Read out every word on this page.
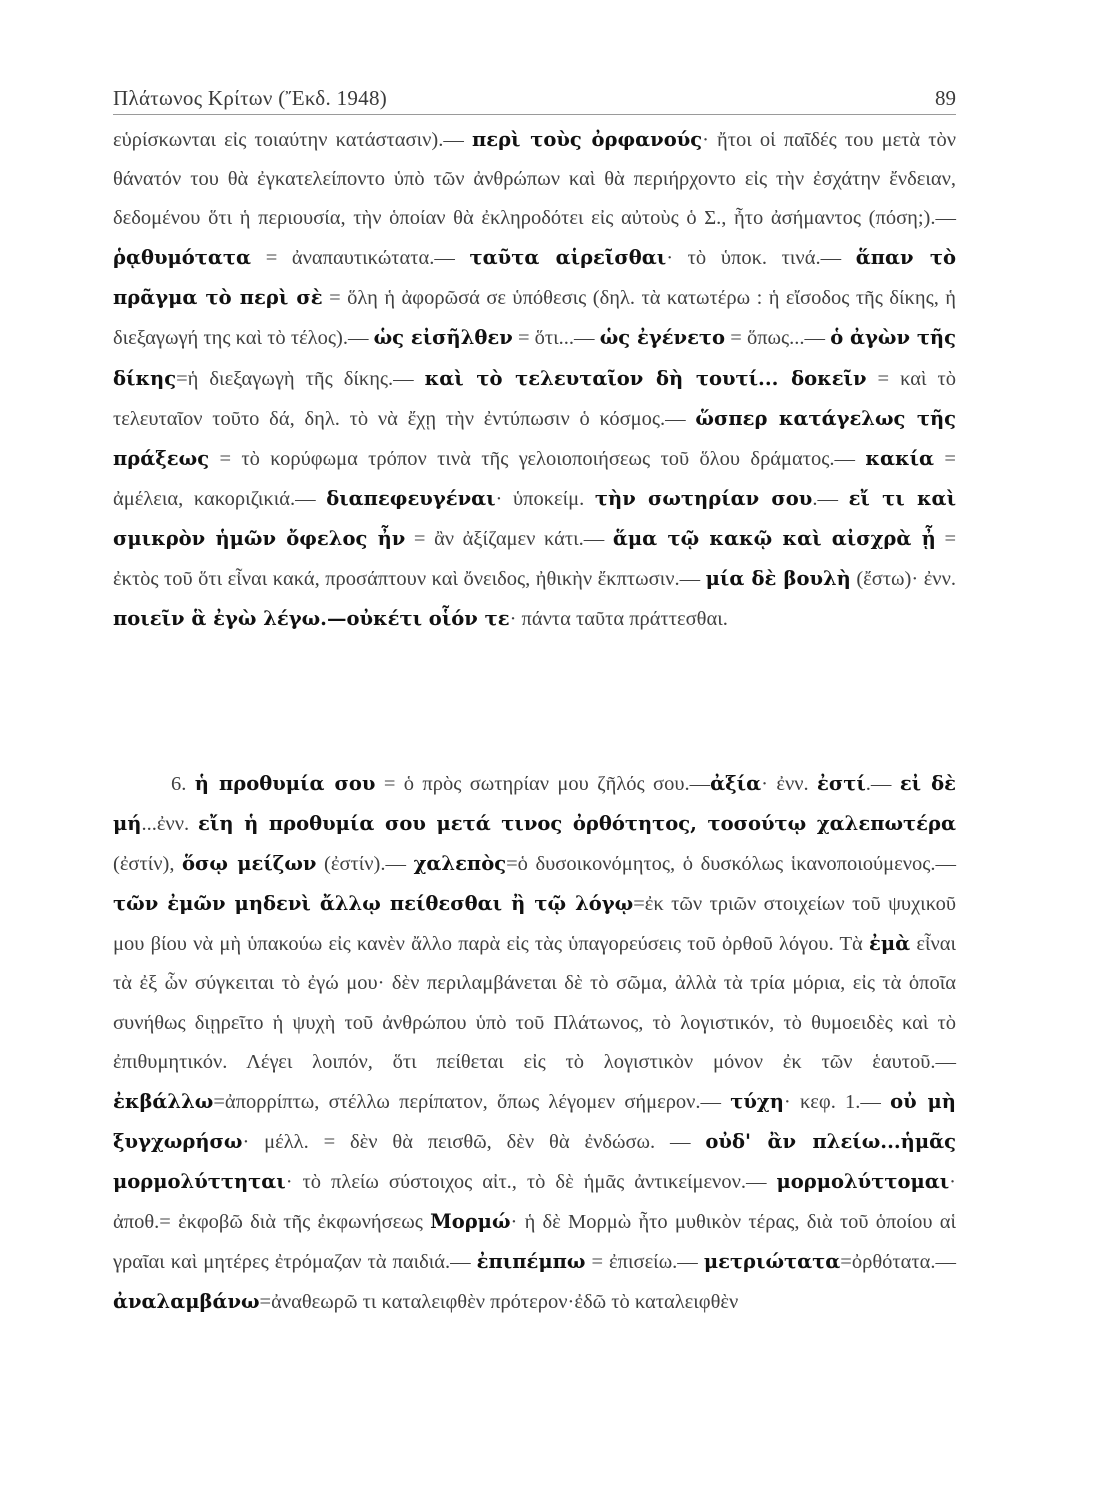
Πλάτωνος Κρίτων (Ἔκδ. 1948)	89
εὑρίσκωνται εἰς τοιαύτην κατάστασιν).— περὶ τοὺς ὀρφανούς· ἤτοι οἱ παῖδές του μετὰ τὸν θάνατόν του θὰ ἐγκατελείποντο ὑπὸ τῶν ἀνθρώπων καὶ θὰ περιήρχοντο εἰς τὴν ἐσχάτην ἔνδειαν, δεδομένου ὅτι ἡ περιουσία, τὴν ὁποίαν θὰ ἐκληροδότει εἰς αὐτοὺς ὁ Σ., ἦτο ἀσήμαντος (πόση;).— ῥᾳθυμότατα = ἀναπαυτικώτατα.— ταῦτα αἱρεῖσθαι· τὸ ὑποκ. τινά.— ἅπαν τὸ πρᾶγμα τὸ περὶ σὲ = ὅλη ἡ ἀφορῶσά σε ὑπόθεσις (δηλ. τὰ κατωτέρω : ἡ εἴσοδος τῆς δίκης, ἡ διεξαγωγή της καὶ τὸ τέλος).— ὡς εἰσῆλθεν = ὅτι...— ὡς ἐγένετο = ὅπως...— ὁ ἀγὼν τῆς δίκης=ἡ διεξαγωγὴ τῆς δίκης.— καὶ τὸ τελευταῖον δὴ τουτί... δοκεῖν = καὶ τὸ τελευταῖον τοῦτο δά, δηλ. τὸ νὰ ἔχῃ τὴν ἐντύπωσιν ὁ κόσμος.— ὥσπερ κατάγελως τῆς πράξεως = τὸ κορύφωμα τρόπον τινὰ τῆς γελοιοποιήσεως τοῦ ὅλου δράματος.— κακία = ἀμέλεια, κακοριζικιά.— διαπεφευγέναι· ὑποκείμ. τὴν σωτηρίαν σου.— εἴ τι καὶ σμικρὸν ἡμῶν ὄφελος ἦν = ἂν ἀξίζαμεν κάτι.— ἅμα τῷ κακῷ καὶ αἰσχρὰ ᾖ = ἐκτὸς τοῦ ὅτι εἶναι κακά, προσάπτουν καὶ ὄνειδος, ἠθικὴν ἔκπτωσιν.— μία δὲ βουλὴ (ἔστω)· ἐνν. ποιεῖν ἃ ἐγὼ λέγω.—οὐκέτι οἷόν τε· πάντα ταῦτα πράττεσθαι.
6. ἡ προθυμία σου = ὁ πρὸς σωτηρίαν μου ζῆλός σου.—ἀξία· ἐνν. ἐστί.— εἰ δὲ μή...ἐνν. εἴη ἡ προθυμία σου μετά τινος ὀρθότητος, τοσούτῳ χαλεπωτέρα (ἐστίν), ὅσῳ μείζων (ἐστίν).— χαλεπὸς=ὁ δυσοικονόμητος, ὁ δυσκόλως ἱκανοποιούμενος.— τῶν ἐμῶν μηδενὶ ἄλλῳ πείθεσθαι ἢ τῷ λόγῳ=ἐκ τῶν τριῶν στοιχείων τοῦ ψυχικοῦ μου βίου νὰ μὴ ὑπακούω εἰς κανὲν ἄλλο παρὰ εἰς τὰς ὑπαγορεύσεις τοῦ ὀρθοῦ λόγου. Τὰ ἐμὰ εἶναι τὰ ἐξ ὧν σύγκειται τὸ ἐγώ μου· δὲν περιλαμβάνεται δὲ τὸ σῶμα, ἀλλὰ τὰ τρία μόρια, εἰς τὰ ὁποῖα συνήθως διῃρεῖτο ἡ ψυχὴ τοῦ ἀνθρώπου ὑπὸ τοῦ Πλάτωνος, τὸ λογιστικόν, τὸ θυμοειδὲς καὶ τὸ ἐπιθυμητικόν. Λέγει λοιπόν, ὅτι πείθεται εἰς τὸ λογιστικὸν μόνον ἐκ τῶν ἑαυτοῦ.— ἐκβάλλω=ἀπορρίπτω, στέλλω περίπατον, ὅπως λέγομεν σήμερον.— τύχη· κεφ. 1.— οὐ μὴ ξυγχωρήσω· μέλλ. = δὲν θὰ πεισθῶ, δὲν θὰ ἐνδώσω. — οὐδ' ἂν πλείω...ἡμᾶς μορμολύττηται· τὸ πλείω σύστοιχος αἰτ., τὸ δὲ ἡμᾶς ἀντικείμενον.— μορμολύττομαι· ἀποθ.= ἐκφοβῶ διὰ τῆς ἐκφωνήσεως Μορμώ· ἡ δὲ Μορμὼ ἦτο μυθικὸν τέρας, διὰ τοῦ ὁποίου αἱ γραῖαι καὶ μητέρες ἐτρόμαζαν τὰ παιδιά.— ἐπιπέμπω = ἐπισείω.— μετριώτατα=ὀρθότατα.— ἀναλαμβάνω=ἀναθεωρῶ τι καταλειφθὲν πρότερον·ἐδῶ τὸ καταλειφθὲν
